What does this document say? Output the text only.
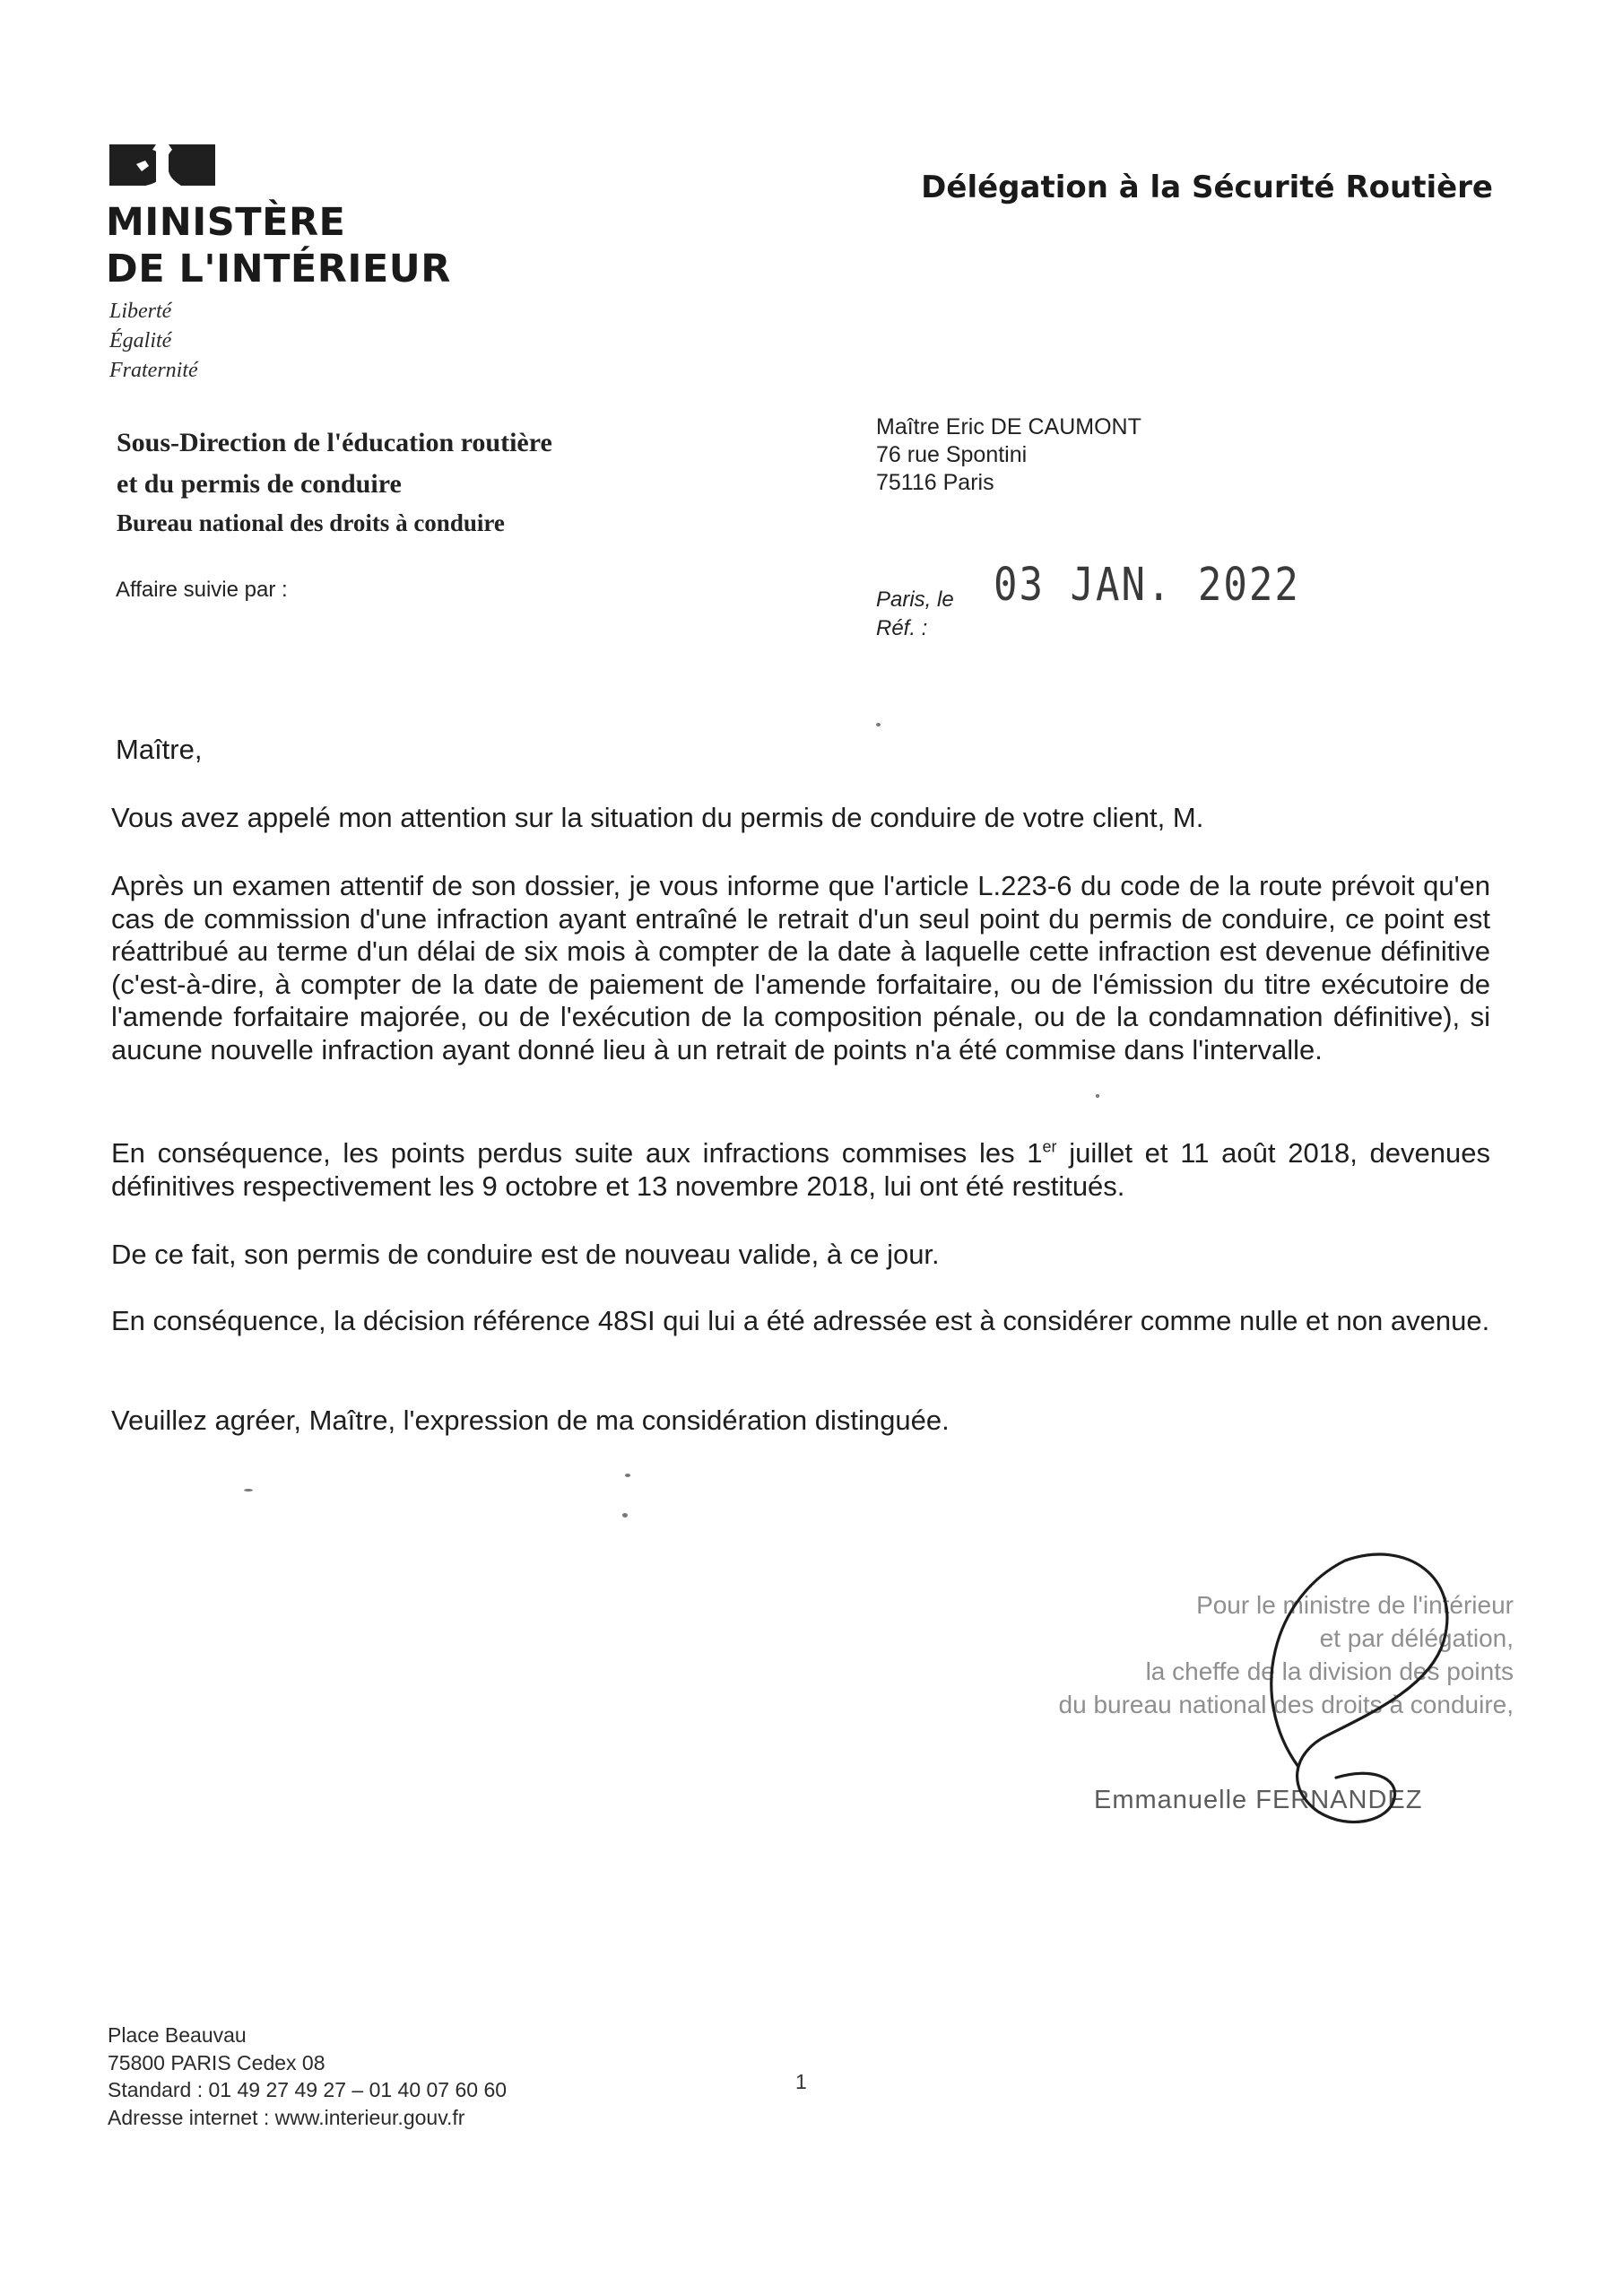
MINISTÈRE
DE L'INTÉRIEUR
Liberté
Égalité
Fraternité
Délégation à la Sécurité Routière
Sous-Direction de l'éducation routière
et du permis de conduire
Bureau national des droits à conduire
Affaire suivie par :
Maître Eric DE CAUMONT
76 rue Spontini
75116 Paris
Paris, le
Réf. :
03 JAN. 2022
Maître,
Vous avez appelé mon attention sur la situation du permis de conduire de votre client, M.
Après un examen attentif de son dossier, je vous informe que l'article L.223-6 du code de la route prévoit qu'en cas de commission d'une infraction ayant entraîné le retrait d'un seul point du permis de conduire, ce point est réattribué au terme d'un délai de six mois à compter de la date à laquelle cette infraction est devenue définitive (c'est-à-dire, à compter de la date de paiement de l'amende forfaitaire, ou de l'émission du titre exécutoire de l'amende forfaitaire majorée, ou de l'exécution de la composition pénale, ou de la condamnation définitive), si aucune nouvelle infraction ayant donné lieu à un retrait de points n'a été commise dans l'intervalle.
En conséquence, les points perdus suite aux infractions commises les 1er juillet et 11 août 2018, devenues définitives respectivement les 9 octobre et 13 novembre 2018, lui ont été restitués.
De ce fait, son permis de conduire est de nouveau valide, à ce jour.
En conséquence, la décision référence 48SI qui lui a été adressée est à considérer comme nulle et non avenue.
Veuillez agréer, Maître, l'expression de ma considération distinguée.
Pour le ministre de l'intérieur
et par délégation,
la cheffe de la division des points
du bureau national des droits à conduire,
Emmanuelle FERNANDEZ
Place Beauvau
75800 PARIS Cedex 08
Standard : 01 49 27 49 27 – 01 40 07 60 60
Adresse internet : www.interieur.gouv.fr
1
